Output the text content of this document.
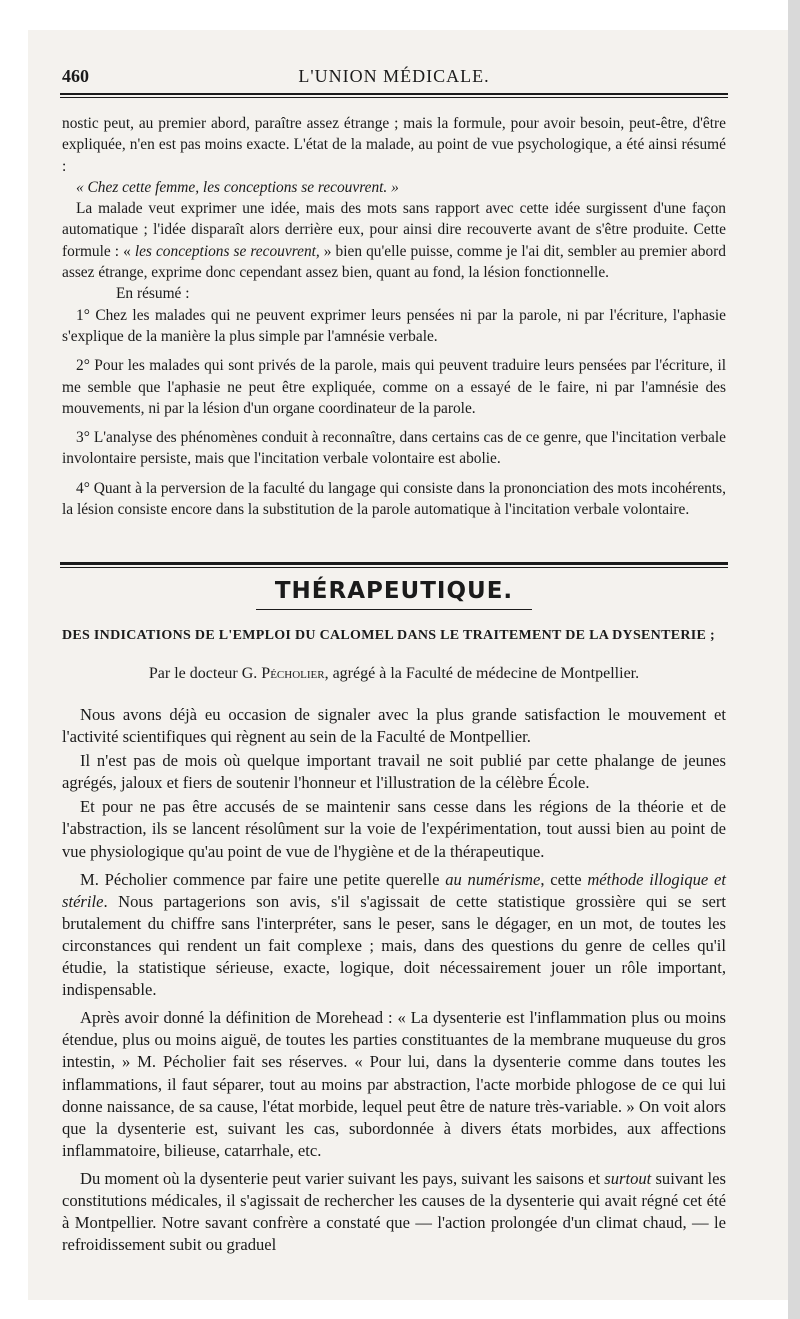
460	L'UNION MÉDICALE.

nostic peut, au premier abord, paraître assez étrange ; mais la formule, pour avoir besoin, peut-être, d'être expliquée, n'en est pas moins exacte. L'état de la malade, au point de vue psychologique, a été ainsi résumé :

« Chez cette femme, les conceptions se recouvrent. »

La malade veut exprimer une idée, mais des mots sans rapport avec cette idée surgissent d'une façon automatique ; l'idée disparaît alors derrière eux, pour ainsi dire recouverte avant de s'être produite. Cette formule : « les conceptions se recouvrent, » bien qu'elle puisse, comme je l'ai dit, sembler au premier abord assez étrange, exprime donc cependant assez bien, quant au fond, la lésion fonctionnelle.

En résumé :

1° Chez les malades qui ne peuvent exprimer leurs pensées ni par la parole, ni par l'écriture, l'aphasie s'explique de la manière la plus simple par l'amnésie verbale.

2° Pour les malades qui sont privés de la parole, mais qui peuvent traduire leurs pensées par l'écriture, il me semble que l'aphasie ne peut être expliquée, comme on a essayé de le faire, ni par l'amnésie des mouvements, ni par la lésion d'un organe coordinateur de la parole.

3° L'analyse des phénomènes conduit à reconnaître, dans certains cas de ce genre, que l'incitation verbale involontaire persiste, mais que l'incitation verbale volontaire est abolie.

4° Quant à la perversion de la faculté du langage qui consiste dans la prononciation des mots incohérents, la lésion consiste encore dans la substitution de la parole automatique à l'incitation verbale volontaire.

THÉRAPEUTIQUE.
DES INDICATIONS DE L'EMPLOI DU CALOMEL DANS LE TRAITEMENT DE LA DYSENTERIE ;
Par le docteur G. Pécholier, agrégé à la Faculté de médecine de Montpellier.

Nous avons déjà eu occasion de signaler avec la plus grande satisfaction le mouvement et l'activité scientifiques qui règnent au sein de la Faculté de Montpellier.

Il n'est pas de mois où quelque important travail ne soit publié par cette phalange de jeunes agrégés, jaloux et fiers de soutenir l'honneur et l'illustration de la célèbre École.

Et pour ne pas être accusés de se maintenir sans cesse dans les régions de la théorie et de l'abstraction, ils se lancent résolûment sur la voie de l'expérimentation, tout aussi bien au point de vue physiologique qu'au point de vue de l'hygiène et de la thérapeutique.

M. Pécholier commence par faire une petite querelle au numérisme, cette méthode illogique et stérile. Nous partagerions son avis, s'il s'agissait de cette statistique grossière qui se sert brutalement du chiffre sans l'interpréter, sans le peser, sans le dégager, en un mot, de toutes les circonstances qui rendent un fait complexe ; mais, dans des questions du genre de celles qu'il étudie, la statistique sérieuse, exacte, logique, doit nécessairement jouer un rôle important, indispensable.

Après avoir donné la définition de Morehead : « La dysenterie est l'inflammation plus ou moins étendue, plus ou moins aiguë, de toutes les parties constituantes de la membrane muqueuse du gros intestin, » M. Pécholier fait ses réserves. « Pour lui, dans la dysenterie comme dans toutes les inflammations, il faut séparer, tout au moins par abstraction, l'acte morbide phlogose de ce qui lui donne naissance, de sa cause, l'état morbide, lequel peut être de nature très-variable. » On voit alors que la dysenterie est, suivant les cas, subordonnée à divers états morbides, aux affections inflammatoire, bilieuse, catarrhale, etc.

Du moment où la dysenterie peut varier suivant les pays, suivant les saisons et surtout suivant les constitutions médicales, il s'agissait de rechercher les causes de la dysenterie qui avait régné cet été à Montpellier. Notre savant confrère a constaté que — l'action prolongée d'un climat chaud, — le refroidissement subit ou graduel
